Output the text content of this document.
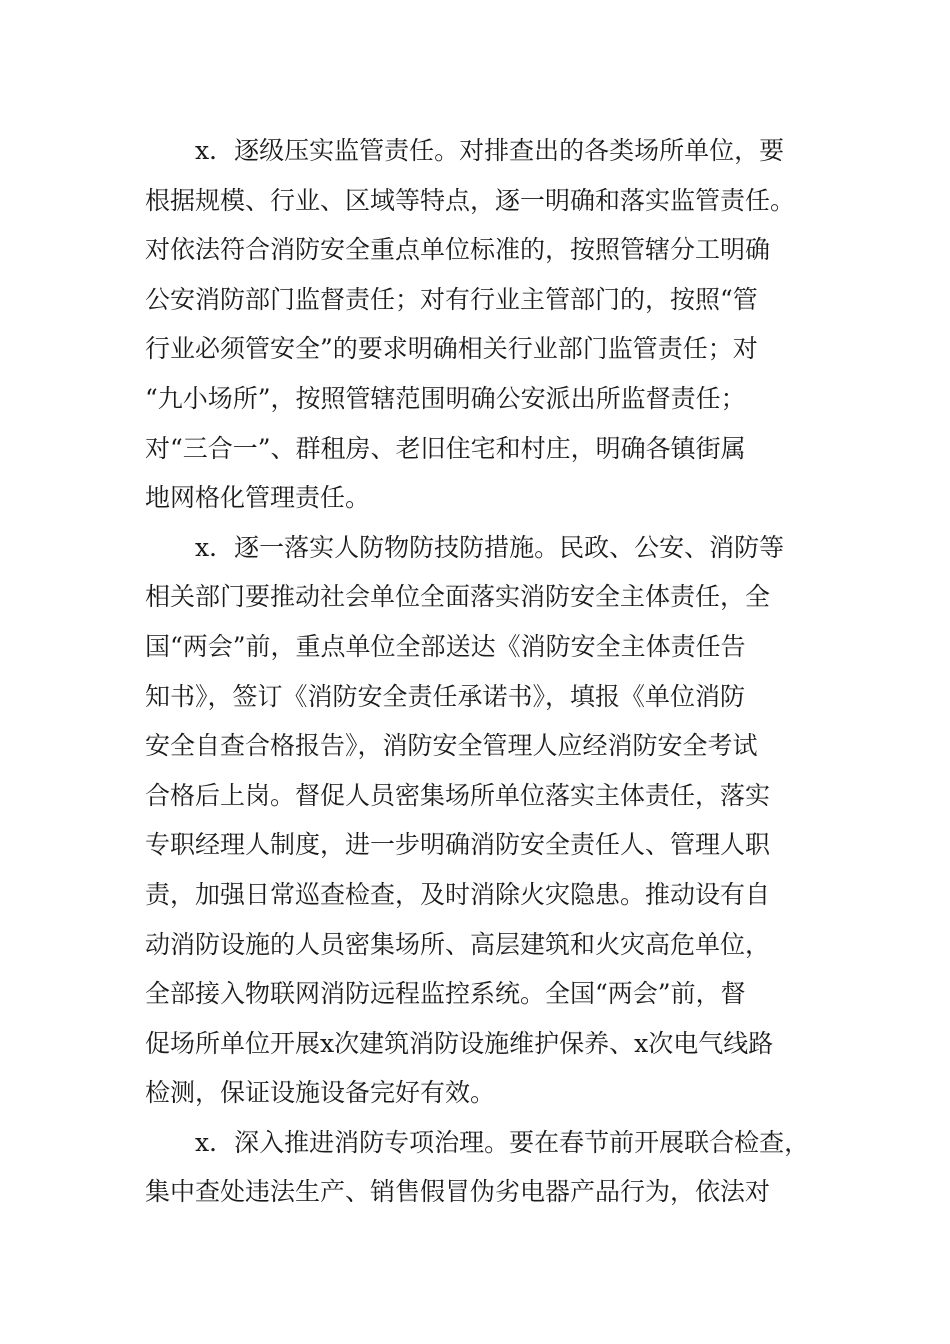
x．逐级压实监管责任。对排查出的各类场所单位，要
根据规模、行业、区域等特点，逐一明确和落实监管责任。
对依法符合消防安全重点单位标准的，按照管辖分工明确
公安消防部门监督责任；对有行业主管部门的，按照“管
行业必须管安全”的要求明确相关行业部门监管责任；对
“九小场所”，按照管辖范围明确公安派出所监督责任；
对“三合一”、群租房、老旧住宅和村庄，明确各镇街属
地网格化管理责任。
x．逐一落实人防物防技防措施。民政、公安、消防等
相关部门要推动社会单位全面落实消防安全主体责任，全
国“两会”前，重点单位全部送达《消防安全主体责任告
知书》，签订《消防安全责任承诺书》，填报《单位消防
安全自查合格报告》，消防安全管理人应经消防安全考试
合格后上岗。督促人员密集场所单位落实主体责任，落实
专职经理人制度，进一步明确消防安全责任人、管理人职
责，加强日常巡查检查，及时消除火灾隐患。推动设有自
动消防设施的人员密集场所、高层建筑和火灾高危单位，
全部接入物联网消防远程监控系统。全国“两会”前，督
促场所单位开展x次建筑消防设施维护保养、x次电气线路
检测，保证设施设备完好有效。
x．深入推进消防专项治理。要在春节前开展联合检查，
集中查处违法生产、销售假冒伪劣电器产品行为，依法对
